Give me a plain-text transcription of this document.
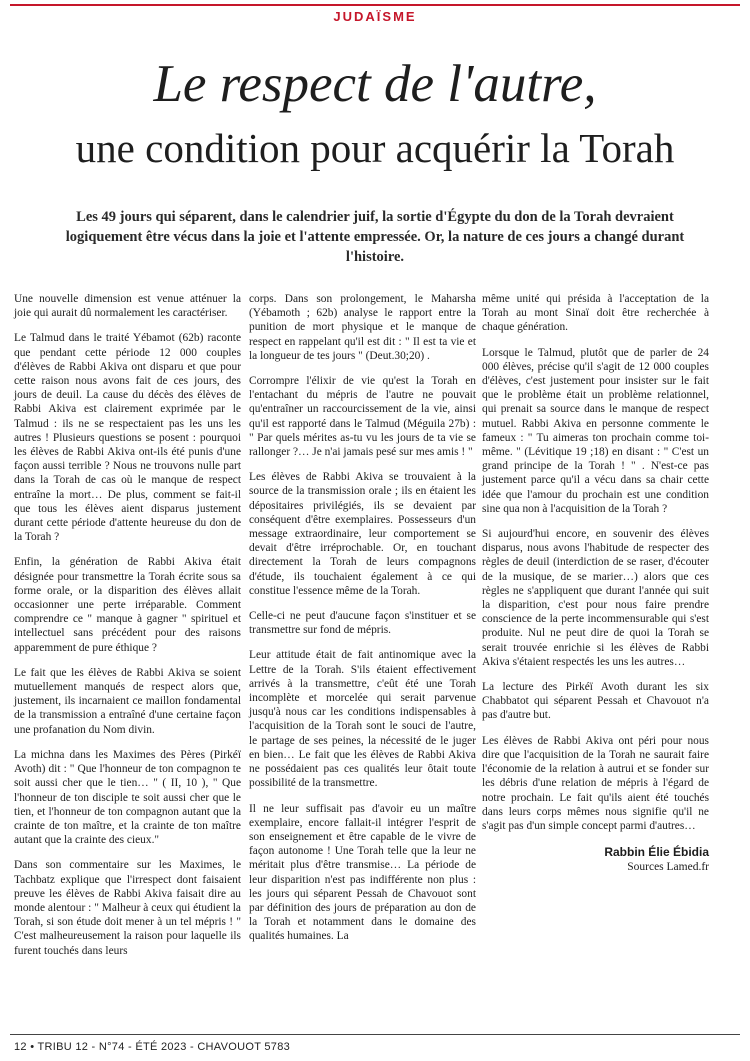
JUDAÏSME
Le respect de l'autre,
une condition pour acquérir la Torah
Les 49 jours qui séparent, dans le calendrier juif, la sortie d'Égypte du don de la Torah devraient logiquement être vécus dans la joie et l'attente empressée. Or, la nature de ces jours a changé durant l'histoire.

Une nouvelle dimension est venue atténuer la joie qui aurait dû normalement les caractériser.

Le Talmud dans le traité Yébamot (62b) raconte que pendant cette période 12 000 couples d'élèves de Rabbi Akiva ont disparu et que pour cette raison nous avons fait de ces jours, des jours de deuil. La cause du décès des élèves de Rabbi Akiva est clairement exprimée par le Talmud : ils ne se respectaient pas les uns les autres ! Plusieurs questions se posent : pourquoi les élèves de Rabbi Akiva ont-ils été punis d'une façon aussi terrible ? Nous ne trouvons nulle part dans la Torah de cas où le manque de respect entraîne la mort… De plus, comment se fait-il que tous les élèves aient disparus justement durant cette période d'attente heureuse du don de la Torah ?

Enfin, la génération de Rabbi Akiva était désignée pour transmettre la Torah écrite sous sa forme orale, or la disparition des élèves allait occasionner une perte irréparable. Comment comprendre ce " manque à gagner " spirituel et intellectuel sans précédent pour des raisons apparemment de pure éthique ?

Le fait que les élèves de Rabbi Akiva se soient mutuellement manqués de respect alors que, justement, ils incarnaient ce maillon fondamental de la transmission a entraîné d'une certaine façon une profanation du Nom divin.

La michna dans les Maximes des Pères (Pirkéï Avoth) dit : " Que l'honneur de ton compagnon te soit aussi cher que le tien… " ( II, 10 ), " Que l'honneur de ton disciple te soit aussi cher que le tien, et l'honneur de ton compagnon autant que la crainte de ton maître, et la crainte de ton maître autant que la crainte des cieux."

Dans son commentaire sur les Maximes, le Tachbatz explique que l'irrespect dont faisaient preuve les élèves de Rabbi Akiva faisait dire au monde alentour : " Malheur à ceux qui étudient la Torah, si son étude doit mener à un tel mépris ! " C'est malheureusement la raison pour laquelle ils furent touchés dans leurs

corps. Dans son prolongement, le Maharsha (Yébamoth ; 62b) analyse le rapport entre la punition de mort physique et le manque de respect en rappelant qu'il est dit : " Il est ta vie et la longueur de tes jours " (Deut.30;20) .

Corrompre l'élixir de vie qu'est la Torah en l'entachant du mépris de l'autre ne pouvait qu'entraîner un raccourcissement de la vie, ainsi qu'il est rapporté dans le Talmud (Méguila 27b) : " Par quels mérites as-tu vu les jours de ta vie se rallonger ?… Je n'ai jamais pesé sur mes amis ! "

Les élèves de Rabbi Akiva se trouvaient à la source de la transmission orale ; ils en étaient les dépositaires privilégiés, ils se devaient par conséquent d'être exemplaires. Possesseurs d'un message extraordinaire, leur comportement se devait d'être irréprochable. Or, en touchant directement la Torah de leurs compagnons d'étude, ils touchaient également à ce qui constitue l'essence même de la Torah.

Celle-ci ne peut d'aucune façon s'instituer et se transmettre sur fond de mépris.

Leur attitude était de fait antinomique avec la Lettre de la Torah. S'ils étaient effectivement arrivés à la transmettre, c'eût été une Torah incomplète et morcelée qui serait parvenue jusqu'à nous car les conditions indispensables à l'acquisition de la Torah sont le souci de l'autre, le partage de ses peines, la nécessité de le juger en bien… Le fait que les élèves de Rabbi Akiva ne possédaient pas ces qualités leur ôtait toute possibilité de la transmettre.

Il ne leur suffisait pas d'avoir eu un maître exemplaire, encore fallait-il intégrer l'esprit de son enseignement et être capable de le vivre de façon autonome ! Une Torah telle que la leur ne méritait plus d'être transmise… La période de leur disparition n'est pas indifférente non plus : les jours qui séparent Pessah de Chavouot sont par définition des jours de préparation au don de la Torah et notamment dans le domaine des qualités humaines. La

même unité qui présida à l'acceptation de la Torah au mont Sinaï doit être recherchée à chaque génération.

Lorsque le Talmud, plutôt que de parler de 24 000 élèves, précise qu'il s'agit de 12 000 couples d'élèves, c'est justement pour insister sur le fait que le problème était un problème relationnel, qui prenait sa source dans le manque de respect mutuel. Rabbi Akiva en personne commente le fameux : " Tu aimeras ton prochain comme toi-même. " (Lévitique 19 ;18) en disant : " C'est un grand principe de la Torah ! " . N'est-ce pas justement parce qu'il a vécu dans sa chair cette idée que l'amour du prochain est une condition sine qua non à l'acquisition de la Torah ?

Si aujourd'hui encore, en souvenir des élèves disparus, nous avons l'habitude de respecter des règles de deuil (interdiction de se raser, d'écouter de la musique, de se marier…) alors que ces règles ne s'appliquent que durant l'année qui suit la disparition, c'est pour nous faire prendre conscience de la perte incommensurable qui s'est produite. Nul ne peut dire de quoi la Torah se serait trouvée enrichie si les élèves de Rabbi Akiva s'étaient respectés les uns les autres…

La lecture des Pirkéï Avoth durant les six Chabbatot qui séparent Pessah et Chavouot n'a pas d'autre but.

Les élèves de Rabbi Akiva ont péri pour nous dire que l'acquisition de la Torah ne saurait faire l'économie de la relation à autrui et se fonder sur les débris d'une relation de mépris à l'égard de notre prochain. Le fait qu'ils aient été touchés dans leurs corps mêmes nous signifie qu'il ne s'agit pas d'un simple concept parmi d'autres…

Rabbin Élie Ébidia
Sources Lamed.fr
12 • TRIBU 12 - N°74 - ÉTÉ 2023 - CHAVOUOT 5783
